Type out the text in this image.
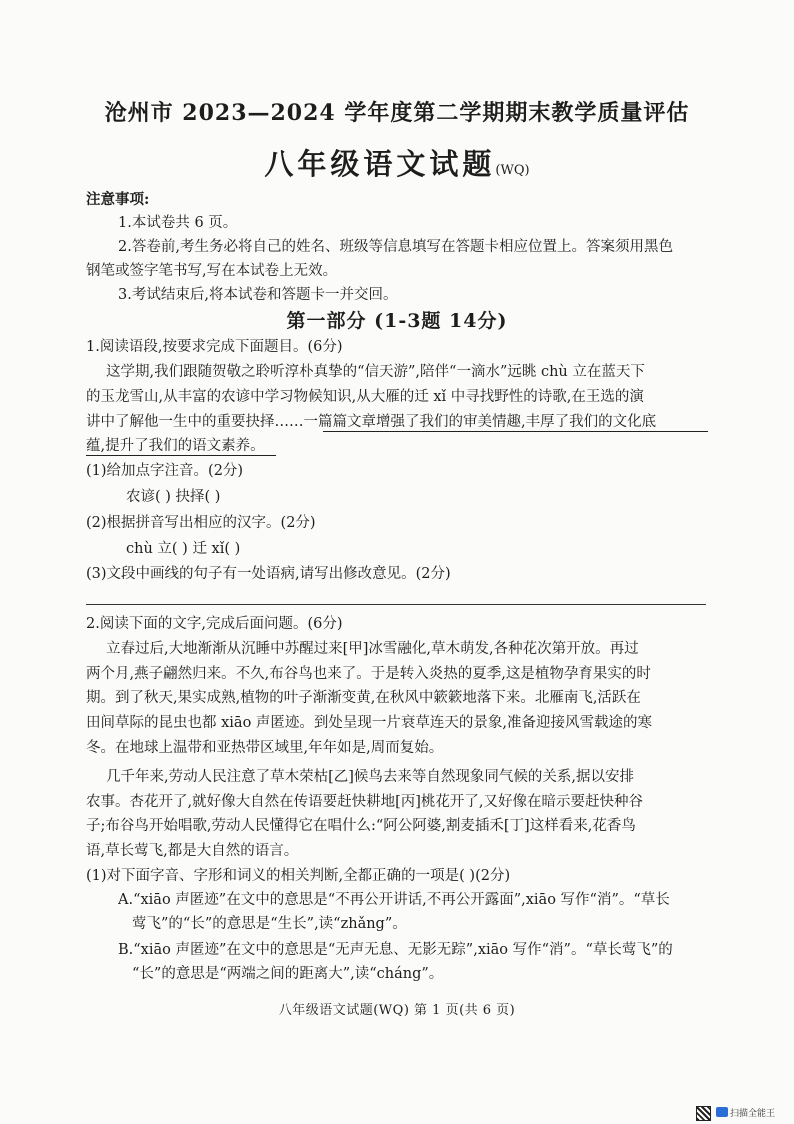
沧州市 2023—2024 学年度第二学期期末教学质量评估
八年级语文试题(WQ)
注意事项:
1.本试卷共 6 页。
2.答卷前,考生务必将自己的姓名、班级等信息填写在答题卡相应位置上。答案须用黑色
钢笔或签字笔书写,写在本试卷上无效。
3.考试结束后,将本试卷和答题卡一并交回。
第一部分 (1-3题 14分)
1.阅读语段,按要求完成下面题目。(6分)
这学期,我们跟随贺敬之聆听淳朴真挚的“信天游”,陪伴“一滴水”远眺 chù 立在蓝天下
的玉龙雪山,从丰富的农谚中学习物候知识,从大雁的迁 xǐ 中寻找野性的诗歌,在王选的演
讲中了解他一生中的重要抉择……一篇篇文章增强了我们的审美情趣,丰厚了我们的文化底
蕴,提升了我们的语文素养。
(1)给加点字注音。(2分)
农谚( ) 抉择( )
(2)根据拼音写出相应的汉字。(2分)
chù 立( ) 迁 xǐ( )
(3)文段中画线的句子有一处语病,请写出修改意见。(2分)
2.阅读下面的文字,完成后面问题。(6分)
立春过后,大地渐渐从沉睡中苏醒过来[甲]冰雪融化,草木萌发,各种花次第开放。再过
两个月,燕子翩然归来。不久,布谷鸟也来了。于是转入炎热的夏季,这是植物孕育果实的时
期。到了秋天,果实成熟,植物的叶子渐渐变黄,在秋风中簌簌地落下来。北雁南飞,活跃在
田间草际的昆虫也都 xiāo 声匿迹。到处呈现一片衰草连天的景象,准备迎接风雪载途的寒
冬。在地球上温带和亚热带区域里,年年如是,周而复始。
几千年来,劳动人民注意了草木荣枯[乙]候鸟去来等自然现象同气候的关系,据以安排
农事。杏花开了,就好像大自然在传语要赶快耕地[丙]桃花开了,又好像在暗示要赶快种谷
子;布谷鸟开始唱歌,劳动人民懂得它在唱什么:“阿公阿婆,割麦插禾[丁]这样看来,花香鸟
语,草长莺飞,都是大自然的语言。
(1)对下面字音、字形和词义的相关判断,全都正确的一项是( )(2分)
A.“xiāo 声匿迹”在文中的意思是“不再公开讲话,不再公开露面”,xiāo 写作“消”。“草长
莺飞”的“长”的意思是“生长”,读“zhǎng”。
B.“xiāo 声匿迹”在文中的意思是“无声无息、无影无踪”,xiāo 写作“消”。“草长莺飞”的
“长”的意思是“两端之间的距离大”,读“cháng”。
八年级语文试题(WQ) 第 1 页(共 6 页)
扫描全能王
